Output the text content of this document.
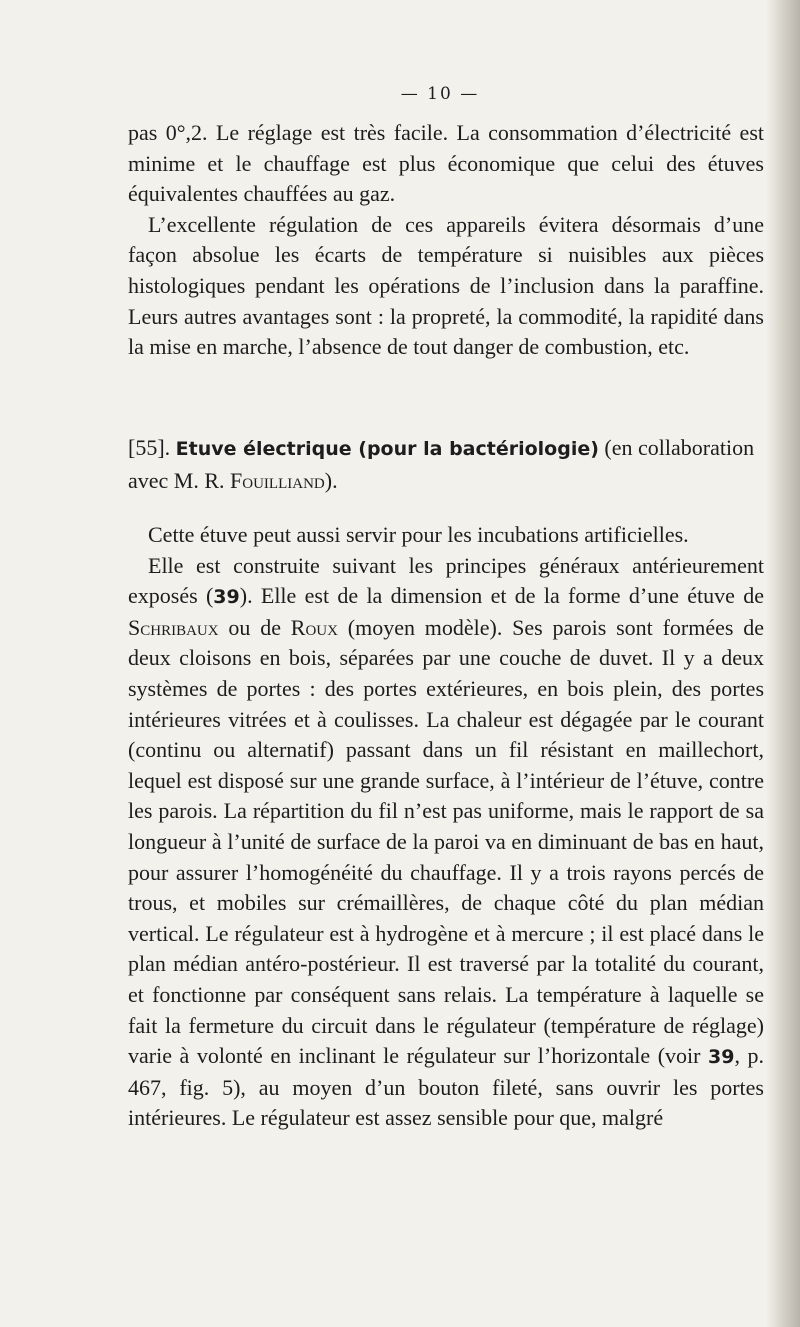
— 10 —

pas 0°,2. Le réglage est très facile. La consommation d’électricité est minime et le chauffage est plus économique que celui des étuves équivalentes chauffées au gaz.

L’excellente régulation de ces appareils évitera désormais d’une façon absolue les écarts de température si nuisibles aux pièces histologiques pendant les opérations de l’inclusion dans la paraffine. Leurs autres avantages sont : la propreté, la commodité, la rapidité dans la mise en marche, l’absence de tout danger de combustion, etc.

[55]. Etuve électrique (pour la bactériologie) (en collaboration avec M. R. Fouilliand).

Cette étuve peut aussi servir pour les incubations artificielles.

Elle est construite suivant les principes généraux antérieurement exposés (39). Elle est de la dimension et de la forme d’une étuve de Schribaux ou de Roux (moyen modèle). Ses parois sont formées de deux cloisons en bois, séparées par une couche de duvet. Il y a deux systèmes de portes : des portes extérieures, en bois plein, des portes intérieures vitrées et à coulisses. La chaleur est dégagée par le courant (continu ou alternatif) passant dans un fil résistant en maillechort, lequel est disposé sur une grande surface, à l’intérieur de l’étuve, contre les parois. La répartition du fil n’est pas uniforme, mais le rapport de sa longueur à l’unité de surface de la paroi va en diminuant de bas en haut, pour assurer l’homogénéité du chauffage. Il y a trois rayons percés de trous, et mobiles sur crémaillères, de chaque côté du plan médian vertical. Le régulateur est à hydrogène et à mercure ; il est placé dans le plan médian antéro-postérieur. Il est traversé par la totalité du courant, et fonctionne par conséquent sans relais. La température à laquelle se fait la fermeture du circuit dans le régulateur (température de réglage) varie à volonté en inclinant le régulateur sur l’horizontale (voir 39, p. 467, fig. 5), au moyen d’un bouton fileté, sans ouvrir les portes intérieures. Le régulateur est assez sensible pour que, malgré
